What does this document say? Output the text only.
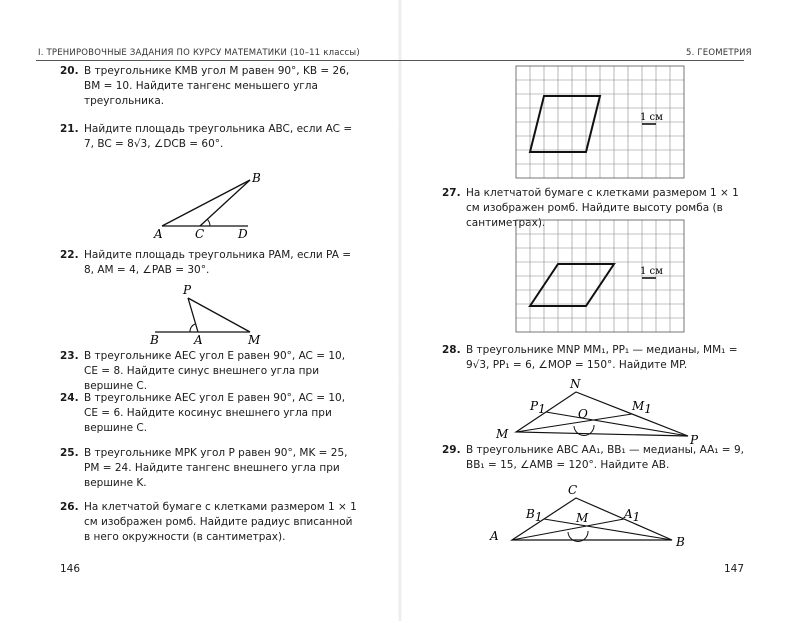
I. ТРЕНИРОВОЧНЫЕ ЗАДАНИЯ ПО КУРСУ МАТЕМАТИКИ (10–11 классы)
20. В треугольнике KMB угол M равен 90°, KB = 26, BM = 10. Найдите тангенс меньшего угла треугольника.
21. Найдите площадь треугольника ABC, если AC = 7, BC = 8√3, ∠DCB = 60°.
A
B
C	D
22. Найдите площадь треугольника PAM, если PA = 8, AM = 4, ∠PAB = 30°.
P
B	A	M
23. В треугольнике AEC угол E равен 90°, AC = 10, CE = 8. Найдите синус внешнего угла при вершине C.
24. В треугольнике AEC угол E равен 90°, AC = 10, CE = 6. Найдите косинус внешнего угла при вершине C.
25. В треугольнике MPK угол P равен 90°, MK = 25, PM = 24. Найдите тангенс внешнего угла при вершине K.
26. На клетчатой бумаге с клетками размером 1 × 1 см изображен ромб. Найдите радиус вписанной в него окружности (в сантиметрах).
146
5. ГЕОМЕТРИЯ
1 см
27. На клетчатой бумаге с клетками размером 1 × 1 см изображен ромб. Найдите высоту ромба (в сантиметрах).
1 см
28. В треугольнике MNP MM₁, PP₁ — медианы, MM₁ = 9√3, PP₁ = 6, ∠MOP = 150°. Найдите MP.
N
P1	O
M1
M	P
29. В треугольнике ABC AA₁, BB₁ — медианы, AA₁ = 9, BB₁ = 15, ∠AMB = 120°. Найдите AB.
C
B1	M	A1
A	B
147
